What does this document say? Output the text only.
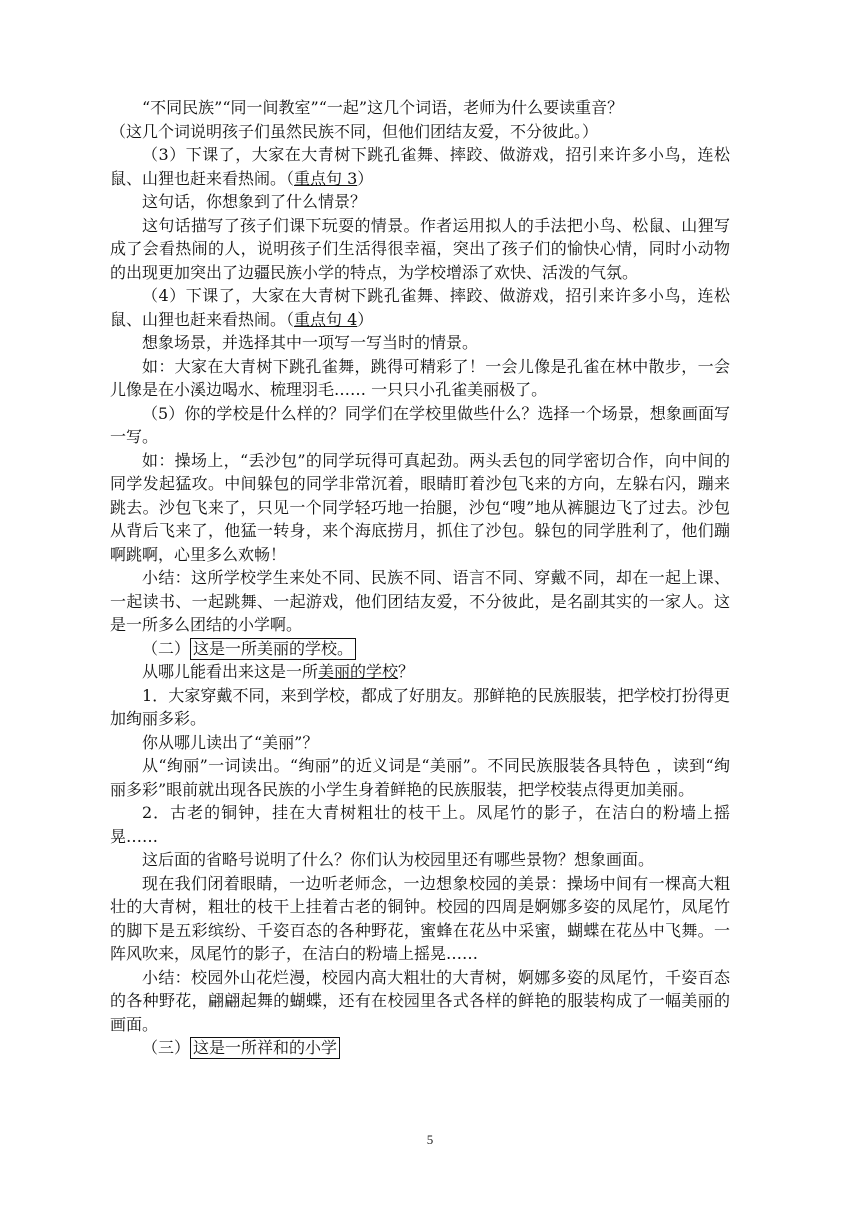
“不同民族”“同一间教室”“一起”这几个词语，老师为什么要读重音？

（这几个词说明孩子们虽然民族不同，但他们团结友爱，不分彼此。）

（3）下课了，大家在大青树下跳孔雀舞、摔跤、做游戏，招引来许多小鸟，连松鼠、山狸也赶来看热闹。（重点句 3）

这句话，你想象到了什么情景？

这句话描写了孩子们课下玩耍的情景。作者运用拟人的手法把小鸟、松鼠、山狸写成了会看热闹的人，说明孩子们生活得很幸福，突出了孩子们的愉快心情，同时小动物的出现更加突出了边疆民族小学的特点，为学校增添了欢快、活泼的气氛。

（4）下课了，大家在大青树下跳孔雀舞、摔跤、做游戏，招引来许多小鸟，连松鼠、山狸也赶来看热闹。（重点句 4）

想象场景，并选择其中一项写一写当时的情景。

如：大家在大青树下跳孔雀舞，跳得可精彩了！一会儿像是孔雀在林中散步，一会儿像是在小溪边喝水、梳理羽毛…… 一只只小孔雀美丽极了。

（5）你的学校是什么样的？同学们在学校里做些什么？选择一个场景，想象画面写一写。

如：操场上，“丢沙包”的同学玩得可真起劲。两头丢包的同学密切合作，向中间的同学发起猛攻。中间躲包的同学非常沉着，眼睛盯着沙包飞来的方向，左躲右闪，蹦来跳去。沙包飞来了，只见一个同学轻巧地一抬腿，沙包“嗖”地从裤腿边飞了过去。沙包从背后飞来了，他猛一转身，来个海底捞月，抓住了沙包。躲包的同学胜利了，他们蹦啊跳啊，心里多么欢畅！

小结：这所学校学生来处不同、民族不同、语言不同、穿戴不同，却在一起上课、一起读书、一起跳舞、一起游戏，他们团结友爱，不分彼此，是名副其实的一家人。这是一所多么团结的小学啊。

（二） 这是一所美丽的学校。

从哪儿能看出来这是一所美丽的学校？

1．大家穿戴不同，来到学校，都成了好朋友。那鲜艳的民族服装，把学校打扮得更加绚丽多彩。

你从哪儿读出了“美丽”？

从“绚丽”一词读出。“绚丽”的近义词是“美丽”。不同民族服装各具特色 ，读到“绚丽多彩”眼前就出现各民族的小学生身着鲜艳的民族服装，把学校装点得更加美丽。

2．古老的铜钟，挂在大青树粗壮的枝干上。凤尾竹的影子，在洁白的粉墙上摇晃……

这后面的省略号说明了什么？你们认为校园里还有哪些景物？想象画面。

现在我们闭着眼睛，一边听老师念，一边想象校园的美景：操场中间有一棵高大粗壮的大青树，粗壮的枝干上挂着古老的铜钟。校园的四周是婀娜多姿的凤尾竹，凤尾竹的脚下是五彩缤纷、千姿百态的各种野花，蜜蜂在花丛中采蜜，蝴蝶在花丛中飞舞。一阵风吹来，凤尾竹的影子，在洁白的粉墙上摇晃……

小结：校园外山花烂漫，校园内高大粗壮的大青树，婀娜多姿的凤尾竹，千姿百态的各种野花，翩翩起舞的蝴蝶，还有在校园里各式各样的鲜艳的服装构成了一幅美丽的画面。

（三） 这是一所祥和的小学

5
